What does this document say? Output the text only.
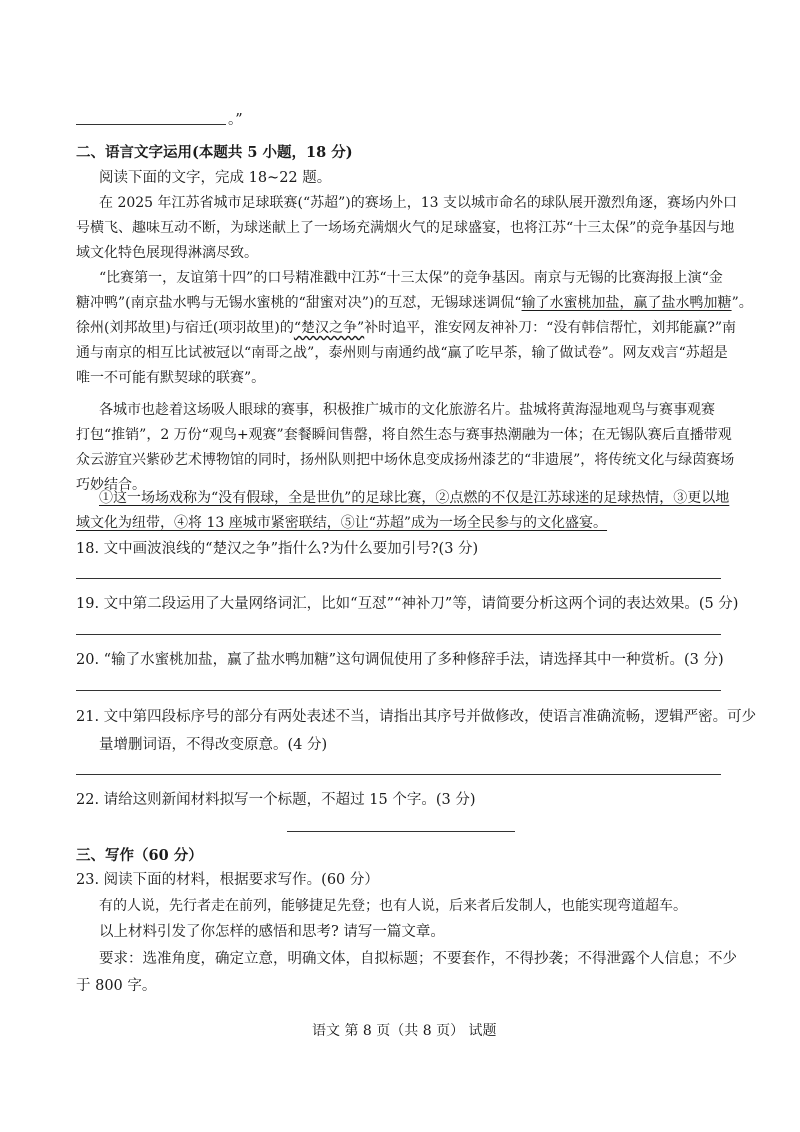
。”
二、语言文字运用(本题共 5 小题，18 分)
阅读下面的文字，完成 18~22 题。
在 2025 年江苏省城市足球联赛(“苏超”)的赛场上，13 支以城市命名的球队展开激烈角逐，赛场内外口
号横飞、趣味互动不断，为球迷献上了一场场充满烟火气的足球盛宴，也将江苏“十三太保”的竞争基因与地
域文化特色展现得淋漓尽致。
“比赛第一，友谊第十四”的口号精准戳中江苏“十三太保”的竞争基因。南京与无锡的比赛海报上演“金
糖冲鸭”(南京盐水鸭与无锡水蜜桃的“甜蜜对决”)的互怼，无锡球迷调侃“输了水蜜桃加盐，赢了盐水鸭加糖”。
徐州(刘邦故里)与宿迁(项羽故里)的“楚汉之争”补时追平，淮安网友神补刀：“没有韩信帮忙，刘邦能赢?”南
通与南京的相互比试被冠以“南哥之战”，泰州则与南通约战“赢了吃早茶，输了做试卷”。网友戏言“苏超是
唯一不可能有默契球的联赛”。
各城市也趁着这场吸人眼球的赛事，积极推广城市的文化旅游名片。盐城将黄海湿地观鸟与赛事观赛
打包“推销”，2 万份“观鸟+观赛”套餐瞬间售罄，将自然生态与赛事热潮融为一体；在无锡队赛后直播带观
众云游宜兴紫砂艺术博物馆的同时，扬州队则把中场休息变成扬州漆艺的“非遗展”，将传统文化与绿茵赛场
巧妙结合。
①这一场场戏称为“没有假球，全是世仇”的足球比赛，②点燃的不仅是江苏球迷的足球热情，③更以地
域文化为纽带，④将 13 座城市紧密联结，⑤让“苏超”成为一场全民参与的文化盛宴。
18. 文中画波浪线的“楚汉之争”指什么?为什么要加引号?(3 分)
19. 文中第二段运用了大量网络词汇，比如“互怼”“神补刀”等，请简要分析这两个词的表达效果。(5 分)
20. “输了水蜜桃加盐，赢了盐水鸭加糖”这句调侃使用了多种修辞手法，请选择其中一种赏析。(3 分)
21. 文中第四段标序号的部分有两处表述不当，请指出其序号并做修改，使语言准确流畅，逻辑严密。可少
量增删词语，不得改变原意。(4 分)
22. 请给这则新闻材料拟写一个标题，不超过 15 个字。(3 分)
三、写作（60 分）
23. 阅读下面的材料，根据要求写作。(60 分）
有的人说，先行者走在前列，能够捷足先登；也有人说，后来者后发制人，也能实现弯道超车。
以上材料引发了你怎样的感悟和思考? 请写一篇文章。
要求：选准角度，确定立意，明确文体，自拟标题；不要套作，不得抄袭；不得泄露个人信息；不少
于 800 字。
语文 第 8 页（共 8 页） 试题
